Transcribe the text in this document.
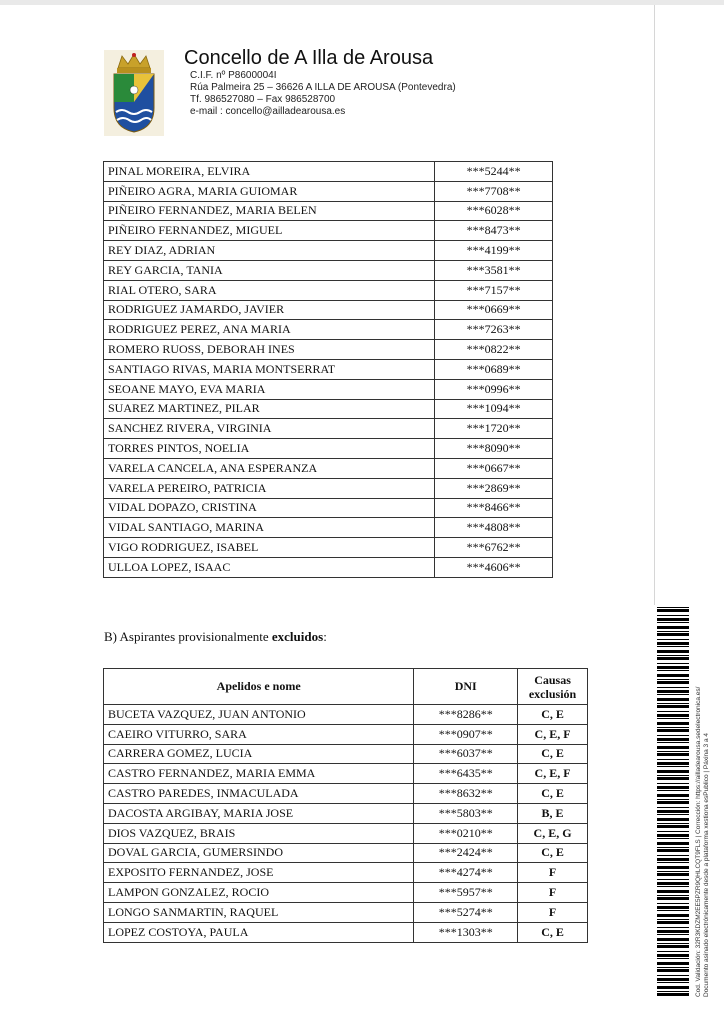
Concello de A Illa de Arousa
C.I.F. nº P8600004I
Rúa Palmeira 25 – 36626 A ILLA DE AROUSA (Pontevedra)
Tf. 986527080 – Fax 986528700
e-mail : concello@ailladearousa.es
PINAL MOREIRA, ELVIRA	***5244**
PIÑEIRO AGRA, MARIA GUIOMAR	***7708**
PIÑEIRO FERNANDEZ, MARIA BELEN	***6028**
PIÑEIRO FERNANDEZ, MIGUEL	***8473**
REY DIAZ, ADRIAN	***4199**
REY GARCIA, TANIA	***3581**
RIAL OTERO, SARA	***7157**
RODRIGUEZ JAMARDO, JAVIER	***0669**
RODRIGUEZ PEREZ, ANA MARIA	***7263**
ROMERO RUOSS, DEBORAH INES	***0822**
SANTIAGO RIVAS, MARIA MONTSERRAT	***0689**
SEOANE MAYO, EVA MARIA	***0996**
SUAREZ MARTINEZ, PILAR	***1094**
SANCHEZ RIVERA, VIRGINIA	***1720**
TORRES PINTOS, NOELIA	***8090**
VARELA CANCELA, ANA ESPERANZA	***0667**
VARELA PEREIRO, PATRICIA	***2869**
VIDAL DOPAZO, CRISTINA	***8466**
VIDAL SANTIAGO, MARINA	***4808**
VIGO RODRIGUEZ, ISABEL	***6762**
ULLOA LOPEZ, ISAAC	***4606**
B) Aspirantes provisionalmente excluidos:
Apelidos e nome	DNI	Causas
exclusión
BUCETA VAZQUEZ, JUAN ANTONIO	***8286**	C, E
CAEIRO VITURRO, SARA	***0907**	C, E, F
CARRERA GOMEZ, LUCIA	***6037**	C, E
CASTRO FERNANDEZ, MARIA EMMA	***6435**	C, E, F
CASTRO PAREDES, INMACULADA	***8632**	C, E
DACOSTA ARGIBAY, MARIA JOSE	***5803**	B, E
DIOS VAZQUEZ, BRAIS	***0210**	C, E, G
DOVAL GARCIA, GUMERSINDO	***2424**	C, E
EXPOSITO FERNANDEZ, JOSE	***4274**	F
LAMPON GONZALEZ, ROCIO	***5957**	F
LONGO SANMARTIN, RAQUEL	***5274**	F
LOPEZ COSTOYA, PAULA	***1303**	C, E	Cod. Validación: 32R3KDZM2EE5PZR9QHLCQT9FLS | Corrección: https://ailladearousa.sedelectronica.es/ Documento asinado electrónicamente desde a plataforma xestiona esPublico | Páxina 3 a 4
